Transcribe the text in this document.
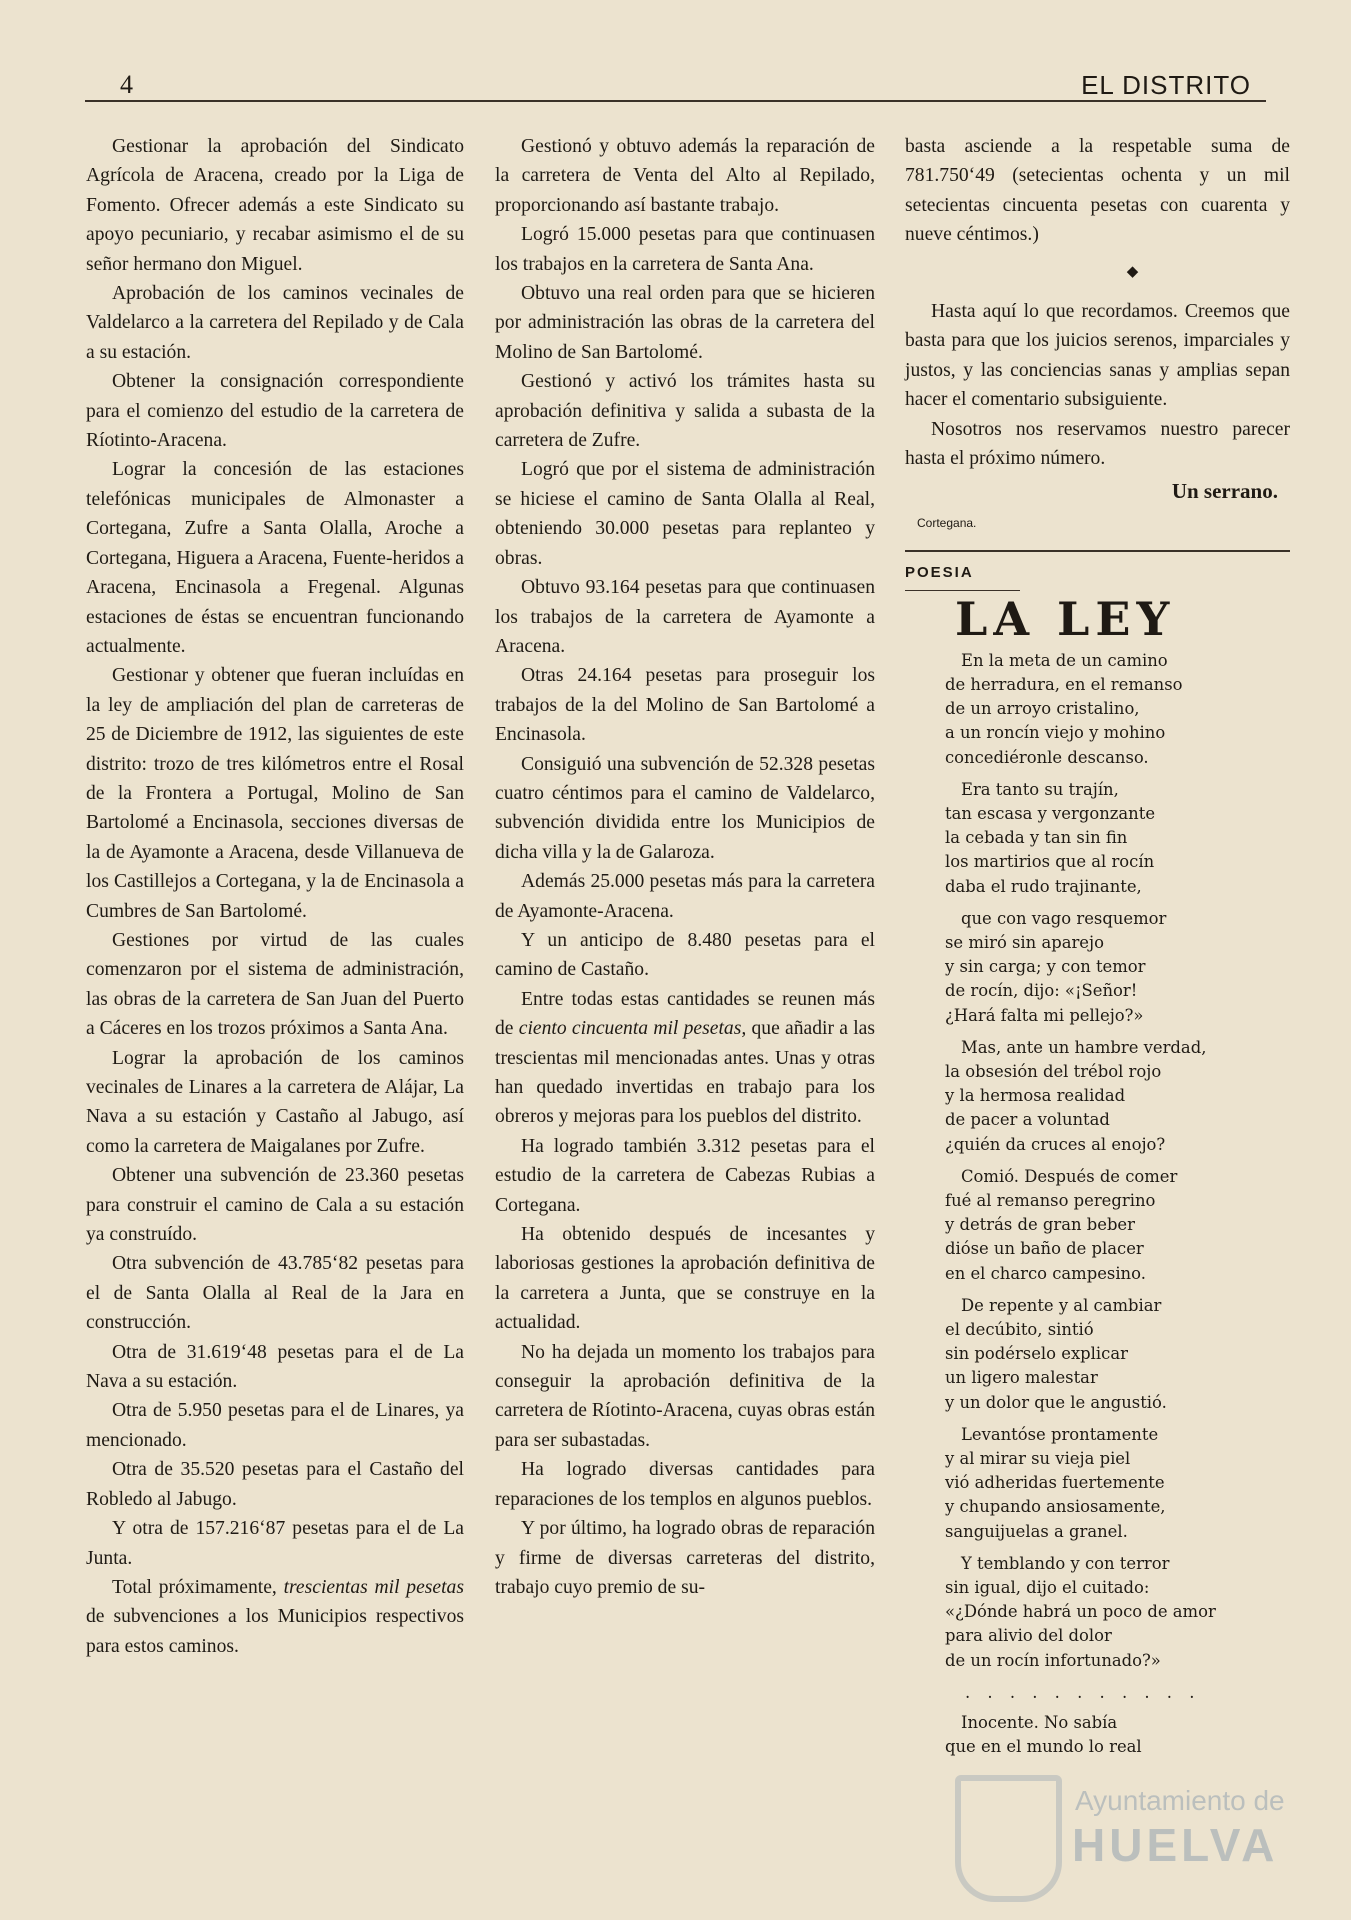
4	EL DISTRITO

Gestionar la aprobación del Sindicato Agrícola de Aracena, creado por la Liga de Fomento. Ofrecer además a este Sindicato su apoyo pecuniario, y recabar asimismo el de su señor hermano don Miguel.

Aprobación de los caminos vecinales de Valdelarco a la carretera del Repilado y de Cala a su estación.

Obtener la consignación correspondiente para el comienzo del estudio de la carretera de Ríotinto-Aracena.

Lograr la concesión de las estaciones telefónicas municipales de Almonaster a Cortegana, Zufre a Santa Olalla, Aroche a Cortegana, Higuera a Aracena, Fuente-heridos a Aracena, Encinasola a Fregenal. Algunas estaciones de éstas se encuentran funcionando actualmente.

Gestionar y obtener que fueran incluídas en la ley de ampliación del plan de carreteras de 25 de Diciembre de 1912, las siguientes de este distrito: trozo de tres kilómetros entre el Rosal de la Frontera a Portugal, Molino de San Bartolomé a Encinasola, secciones diversas de la de Ayamonte a Aracena, desde Villanueva de los Castillejos a Cortegana, y la de Encinasola a Cumbres de San Bartolomé.

Gestiones por virtud de las cuales comenzaron por el sistema de administración, las obras de la carretera de San Juan del Puerto a Cáceres en los trozos próximos a Santa Ana.

Lograr la aprobación de los caminos vecinales de Linares a la carretera de Alájar, La Nava a su estación y Castaño al Jabugo, así como la carretera de Maigalanes por Zufre.

Obtener una subvención de 23.360 pesetas para construir el camino de Cala a su estación ya construído.

Otra subvención de 43.785‘82 pesetas para el de Santa Olalla al Real de la Jara en construcción.

Otra de 31.619‘48 pesetas para el de La Nava a su estación.

Otra de 5.950 pesetas para el de Linares, ya mencionado.

Otra de 35.520 pesetas para el Castaño del Robledo al Jabugo.

Y otra de 157.216‘87 pesetas para el de La Junta.

Total próximamente, trescientas mil pesetas de subvenciones a los Municipios respectivos para estos caminos.

Gestionó y obtuvo además la reparación de la carretera de Venta del Alto al Repilado, proporcionando así bastante trabajo.

Logró 15.000 pesetas para que continuasen los trabajos en la carretera de Santa Ana.

Obtuvo una real orden para que se hicieren por administración las obras de la carretera del Molino de San Bartolomé.

Gestionó y activó los trámites hasta su aprobación definitiva y salida a subasta de la carretera de Zufre.

Logró que por el sistema de administración se hiciese el camino de Santa Olalla al Real, obteniendo 30.000 pesetas para replanteo y obras.

Obtuvo 93.164 pesetas para que continuasen los trabajos de la carretera de Ayamonte a Aracena.

Otras 24.164 pesetas para proseguir los trabajos de la del Molino de San Bartolomé a Encinasola.

Consiguió una subvención de 52.328 pesetas cuatro céntimos para el camino de Valdelarco, subvención dividida entre los Municipios de dicha villa y la de Galaroza.

Además 25.000 pesetas más para la carretera de Ayamonte-Aracena.

Y un anticipo de 8.480 pesetas para el camino de Castaño.

Entre todas estas cantidades se reunen más de ciento cincuenta mil pesetas, que añadir a las trescientas mil mencionadas antes. Unas y otras han quedado invertidas en trabajo para los obreros y mejoras para los pueblos del distrito.

Ha logrado también 3.312 pesetas para el estudio de la carretera de Cabezas Rubias a Cortegana.

Ha obtenido después de incesantes y laboriosas gestiones la aprobación definitiva de la carretera a Junta, que se construye en la actualidad.

No ha dejada un momento los trabajos para conseguir la aprobación definitiva de la carretera de Ríotinto-Aracena, cuyas obras están para ser subastadas.

Ha logrado diversas cantidades para reparaciones de los templos en algunos pueblos.

Y por último, ha logrado obras de reparación y firme de diversas carreteras del distrito, trabajo cuyo premio de su-

basta asciende a la respetable suma de 781.750‘49 (setecientas ochenta y un mil setecientas cincuenta pesetas con cuarenta y nueve céntimos.)

◆

Hasta aquí lo que recordamos. Creemos que basta para que los juicios serenos, imparciales y justos, y las conciencias sanas y amplias sepan hacer el comentario subsiguiente.

Nosotros nos reservamos nuestro parecer hasta el próximo número.

Un serrano.
Cortegana.
POESIA
LA LEY
En la meta de un camino
de herradura, en el remanso
de un arroyo cristalino,
a un roncín viejo y mohino
concediéronle descanso.
Era tanto su trajín,
tan escasa y vergonzante
la cebada y tan sin fin
los martirios que al rocín
daba el rudo trajinante,
que con vago resquemor
se miró sin aparejo
y sin carga; y con temor
de rocín, dijo: «¡Señor!
¿Hará falta mi pellejo?»
Mas, ante un hambre verdad,
la obsesión del trébol rojo
y la hermosa realidad
de pacer a voluntad
¿quién da cruces al enojo?
Comió. Después de comer
fué al remanso peregrino
y detrás de gran beber
dióse un baño de placer
en el charco campesino.
De repente y al cambiar
el decúbito, sintió
sin podérselo explicar
un ligero malestar
y un dolor que le angustió.
Levantóse prontamente
y al mirar su vieja piel
vió adheridas fuertemente
y chupando ansiosamente,
sanguijuelas a granel.
Y temblando y con terror
sin igual, dijo el cuitado:
«¿Dónde habrá un poco de amor
para alivio del dolor
de un rocín infortunado?»
. . . . . . . . . . .
Inocente. No sabía
que en el mundo lo real
Ayuntamiento de
HUELVA
